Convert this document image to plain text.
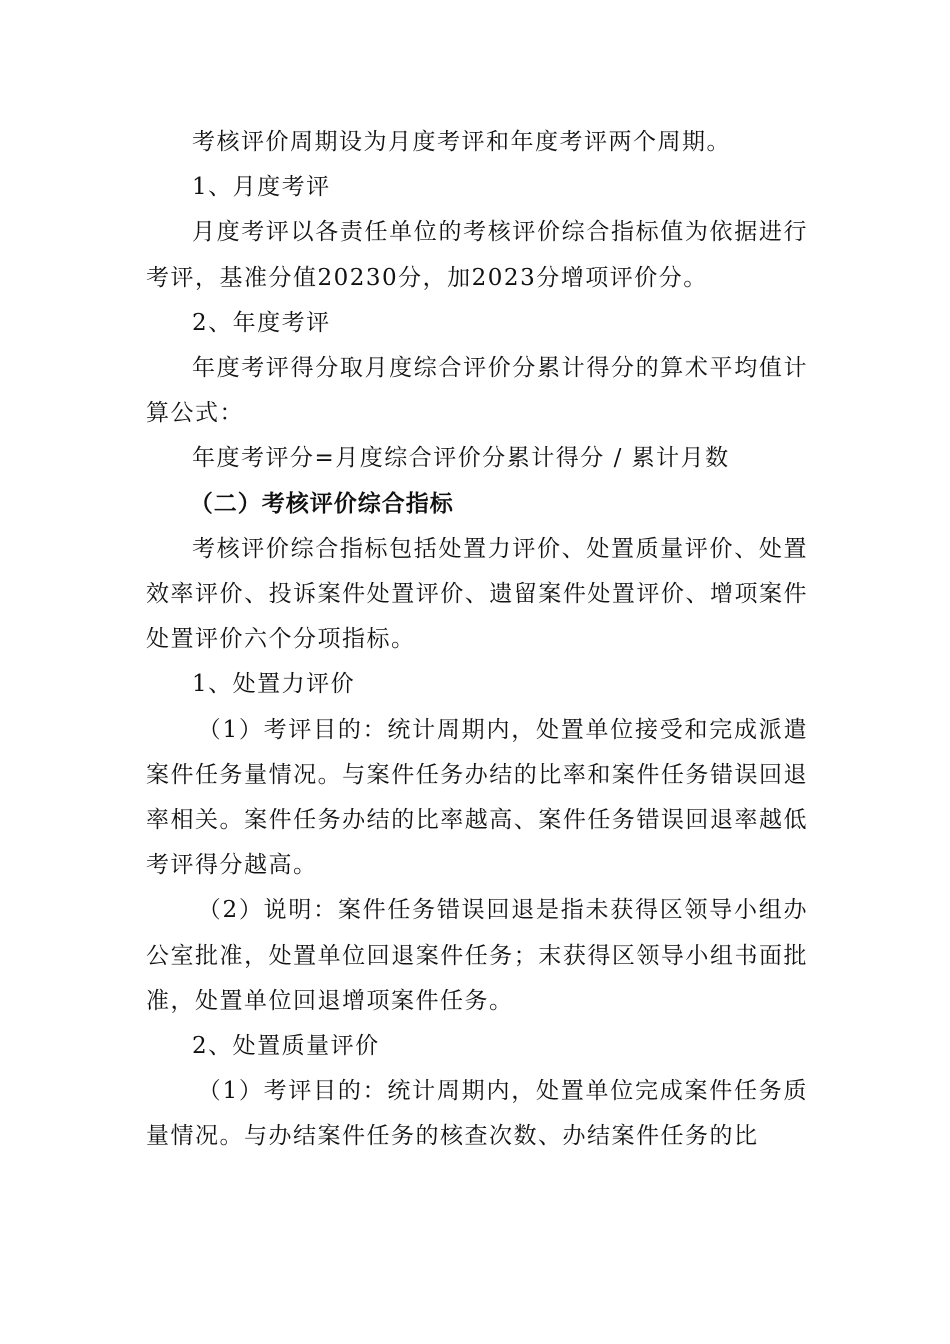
考核评价周期设为月度考评和年度考评两个周期。

1、月度考评

月度考评以各责任单位的考核评价综合指标值为依据进行考评，基准分值20230分，加2023分增项评价分。

2、年度考评

年度考评得分取月度综合评价分累计得分的算术平均值计算公式：

年度考评分=月度综合评价分累计得分 / 累计月数

（二）考核评价综合指标

考核评价综合指标包括处置力评价、处置质量评价、处置效率评价、投诉案件处置评价、遗留案件处置评价、增项案件处置评价六个分项指标。

1、处置力评价

（1）考评目的：统计周期内，处置单位接受和完成派遣案件任务量情况。与案件任务办结的比率和案件任务错误回退率相关。案件任务办结的比率越高、案件任务错误回退率越低考评得分越高。

（2）说明：案件任务错误回退是指未获得区领导小组办公室批准，处置单位回退案件任务；末获得区领导小组书面批准，处置单位回退增项案件任务。

2、处置质量评价

（1）考评目的：统计周期内，处置单位完成案件任务质量情况。与办结案件任务的核查次数、办结案件任务的比
